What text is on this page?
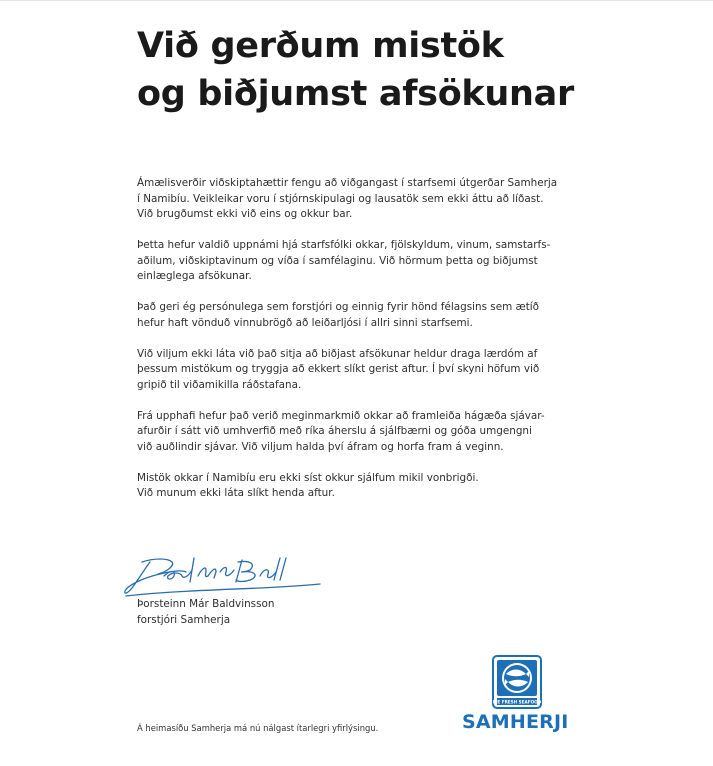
Við gerðum mistök
og biðjumst afsökunar

Ámælisverðir viðskiptahættir fengu að viðgangast í starfsemi útgerðar Samherja
í Namibíu. Veikleikar voru í stjórnskipulagi og lausatök sem ekki áttu að líðast.
Við brugðumst ekki við eins og okkur bar.

Þetta hefur valdið uppnámi hjá starfsfólki okkar, fjölskyldum, vinum, samstarfs-
aðilum, viðskiptavinum og víða í samfélaginu. Við hörmum þetta og biðjumst
einlæglega afsökunar.

Það geri ég persónulega sem forstjóri og einnig fyrir hönd félagsins sem ætíð
hefur haft vönduð vinnubrögð að leiðarljósi í allri sinni starfsemi.

Við viljum ekki láta við það sitja að biðjast afsökunar heldur draga lærdóm af
þessum mistökum og tryggja að ekkert slíkt gerist aftur. Í því skyni höfum við
gripið til viðamikilla ráðstafana.

Frá upphafi hefur það verið meginmarkmið okkar að framleiða hágæða sjávar-
afurðir í sátt við umhverfið með ríka áherslu á sjálfbærni og góða umgengni
við auðlindir sjávar. Við viljum halda því áfram og horfa fram á veginn.

Mistök okkar í Namibíu eru ekki síst okkur sjálfum mikil vonbrigði.
Við munum ekki láta slíkt henda aftur.

Þorsteinn Már Baldvinsson
forstjóri Samherja
Á heimasíðu Samherja má nú nálgast ítarlegri yfirlýsingu.
ICE FRESH SEAFOOD
SAMHERJI
